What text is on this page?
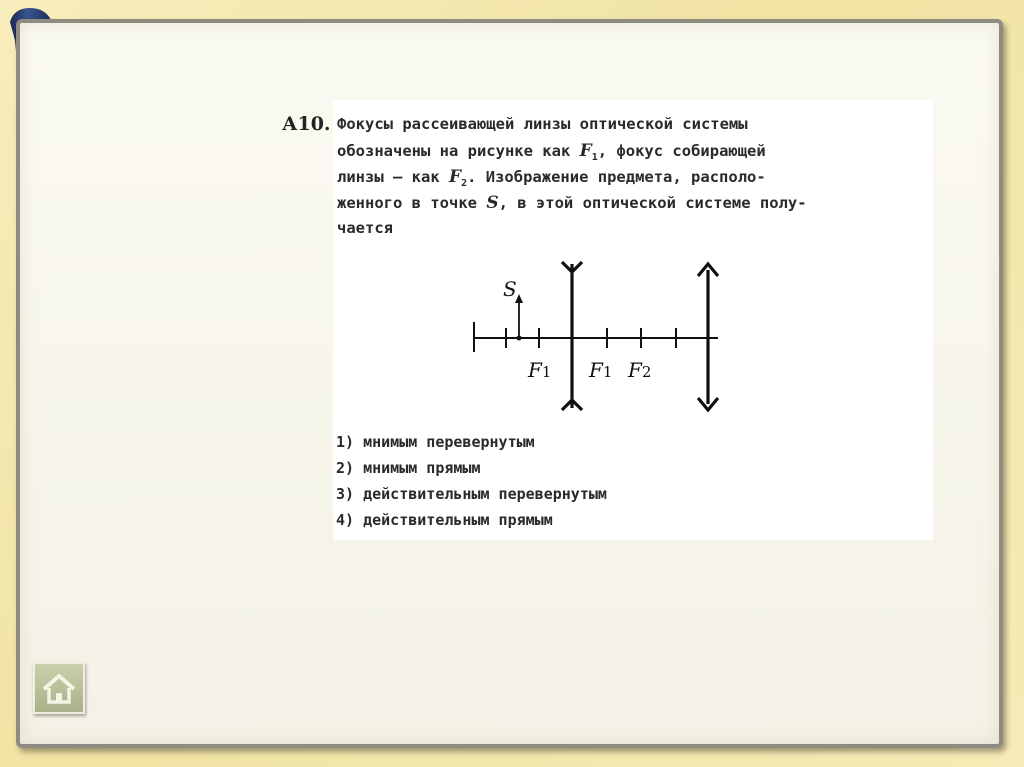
А10. Фокусы рассеивающей линзы оптической системы
обозначены на рисунке как $F_1$, фокус собирающей
линзы – как $F_2$. Изображение предмета, располо-
женного в точке S, в этой оптической системе полу-
чается
S
F1 F1 F2
1) мнимым перевернутым
2) мнимым прямым
3) действительным перевернутым
4) действительным прямым
